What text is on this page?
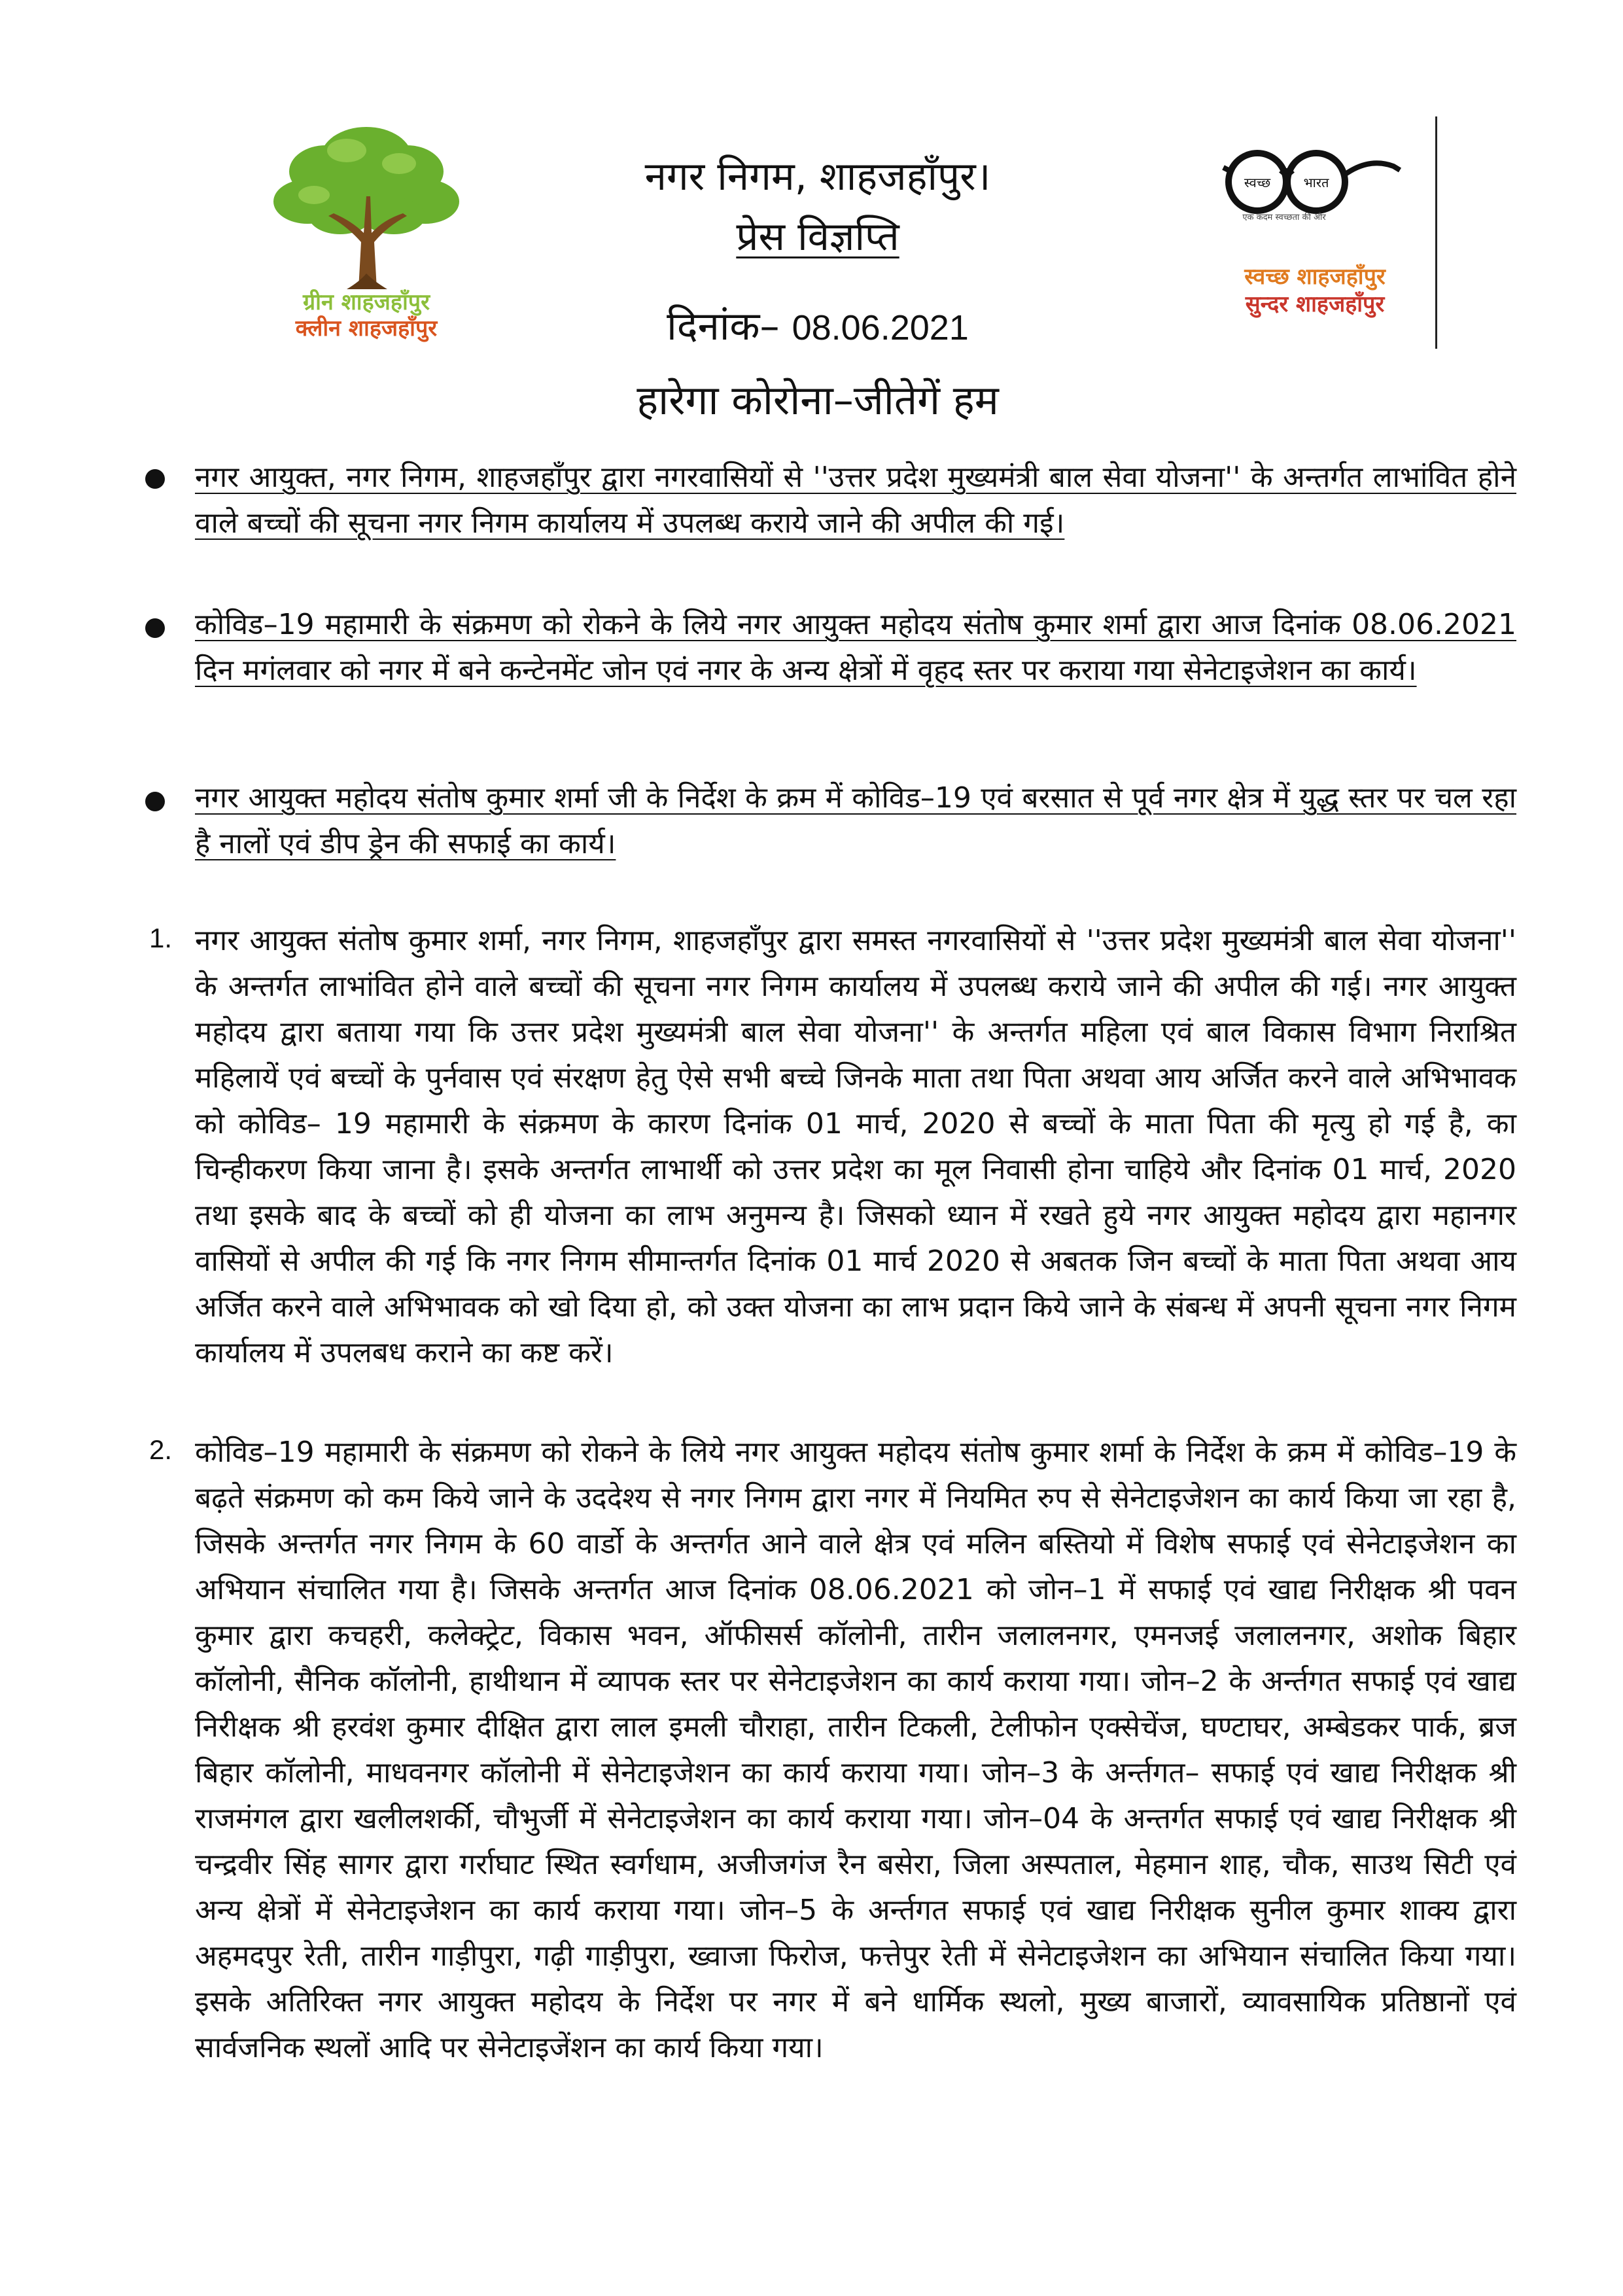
ग्रीन शाहजहाँपुर
क्लीन शाहजहाँपुर
नगर निगम, शाहजहाँपुर।
प्रेस विज्ञप्ति
दिनांक– 08.06.2021
हारेगा कोरोना–जीतेगें हम
स्वच्छ	भारत
एक कदम स्वच्छता की ओर
स्वच्छ शाहजहाँपुर
सुन्दर शाहजहाँपुर
नगर आयुक्त, नगर निगम, शाहजहाँपुर द्वारा नगरवासियों से ''उत्तर प्रदेश मुख्यमंत्री बाल सेवा योजना'' के अन्तर्गत लाभांवित होने वाले बच्चों की सूचना नगर निगम कार्यालय में उपलब्ध कराये जाने की अपील की गई।
कोविड–19 महामारी के संक्रमण को रोकने के लिये नगर आयुक्त महोदय संतोष कुमार शर्मा द्वारा आज दिनांक 08.06.2021 दिन मगंलवार को नगर में बने कन्टेनमेंट जोन एवं नगर के अन्य क्षेत्रों में वृहद स्तर पर कराया गया सेनेटाइजेशन का कार्य।
नगर आयुक्त महोदय संतोष कुमार शर्मा जी के निर्देश के क्रम में कोविड–19 एवं बरसात से पूर्व नगर क्षेत्र में युद्ध स्तर पर चल रहा है नालों एवं डीप ड्रेन की सफाई का कार्य।
1. नगर आयुक्त संतोष कुमार शर्मा, नगर निगम, शाहजहाँपुर द्वारा समस्त नगरवासियों से ''उत्तर प्रदेश मुख्यमंत्री बाल सेवा योजना'' के अन्तर्गत लाभांवित होने वाले बच्चों की सूचना नगर निगम कार्यालय में उपलब्ध कराये जाने की अपील की गई। नगर आयुक्त महोदय द्वारा बताया गया कि उत्तर प्रदेश मुख्यमंत्री बाल सेवा योजना'' के अन्तर्गत महिला एवं बाल विकास विभाग निराश्रित महिलायें एवं बच्चों के पुर्नवास एवं संरक्षण हेतु ऐसे सभी बच्चे जिनके माता तथा पिता अथवा आय अर्जित करने वाले अभिभावक को कोविड– 19 महामारी के संक्रमण के कारण दिनांक 01 मार्च, 2020 से बच्चों के माता पिता की मृत्यु हो गई है, का चिन्हीकरण किया जाना है। इसके अन्तर्गत लाभार्थी को उत्तर प्रदेश का मूल निवासी होना चाहिये और दिनांक 01 मार्च, 2020 तथा इसके बाद के बच्चों को ही योजना का लाभ अनुमन्य है। जिसको ध्यान में रखते हुये नगर आयुक्त महोदय द्वारा महानगर वासियों से अपील की गई कि नगर निगम सीमान्तर्गत दिनांक 01 मार्च 2020 से अबतक जिन बच्चों के माता पिता अथवा आय अर्जित करने वाले अभिभावक को खो दिया हो, को उक्त योजना का लाभ प्रदान किये जाने के संबन्ध में अपनी सूचना नगर निगम कार्यालय में उपलबध कराने का कष्ट करें।
2. कोविड–19 महामारी के संक्रमण को रोकने के लिये नगर आयुक्त महोदय संतोष कुमार शर्मा के निर्देश के क्रम में कोविड–19 के बढ़ते संक्रमण को कम किये जाने के उददेश्य से नगर निगम द्वारा नगर में नियमित रुप से सेनेटाइजेशन का कार्य किया जा रहा है, जिसके अन्तर्गत नगर निगम के 60 वार्डो के अन्तर्गत आने वाले क्षेत्र एवं मलिन बस्तियो में विशेष सफाई एवं सेनेटाइजेशन का अभियान संचालित गया है। जिसके अन्तर्गत आज दिनांक 08.06.2021 को जोन–1 में सफाई एवं खाद्य निरीक्षक श्री पवन कुमार द्वारा कचहरी, कलेक्ट्रेट, विकास भवन, ऑफीसर्स कॉलोनी, तारीन जलालनगर, एमनजई जलालनगर, अशोक बिहार कॉलोनी, सैनिक कॉलोनी, हाथीथान में व्यापक स्तर पर सेनेटाइजेशन का कार्य कराया गया। जोन–2 के अर्न्तगत सफाई एवं खाद्य निरीक्षक श्री हरवंश कुमार दीक्षित द्वारा लाल इमली चौराहा, तारीन टिकली, टेलीफोन एक्सेचेंज, घण्टाघर, अम्बेडकर पार्क, ब्रज बिहार कॉलोनी, माधवनगर कॉलोनी में सेनेटाइजेशन का कार्य कराया गया। जोन–3 के अर्न्तगत– सफाई एवं खाद्य निरीक्षक श्री राजमंगल द्वारा खलीलशर्की, चौभुर्जी में सेनेटाइजेशन का कार्य कराया गया। जोन–04 के अन्तर्गत सफाई एवं खाद्य निरीक्षक श्री चन्द्रवीर सिंह सागर द्वारा गर्राघाट स्थित स्वर्गधाम, अजीजगंज रैन बसेरा, जिला अस्पताल, मेहमान शाह, चौक, साउथ सिटी एवं अन्य क्षेत्रों में सेनेटाइजेशन का कार्य कराया गया। जोन–5 के अर्न्तगत सफाई एवं खाद्य निरीक्षक सुनील कुमार शाक्य द्वारा अहमदपुर रेती, तारीन गाड़ीपुरा, गढ़ी गाड़ीपुरा, ख्वाजा फिरोज, फत्तेपुर रेती में सेनेटाइजेशन का अभियान संचालित किया गया। इसके अतिरिक्त नगर आयुक्त महोदय के निर्देश पर नगर में बने धार्मिक स्थलो, मुख्य बाजारों, व्यावसायिक प्रतिष्ठानों एवं सार्वजनिक स्थलों आदि पर सेनेटाइजेंशन का कार्य किया गया।
